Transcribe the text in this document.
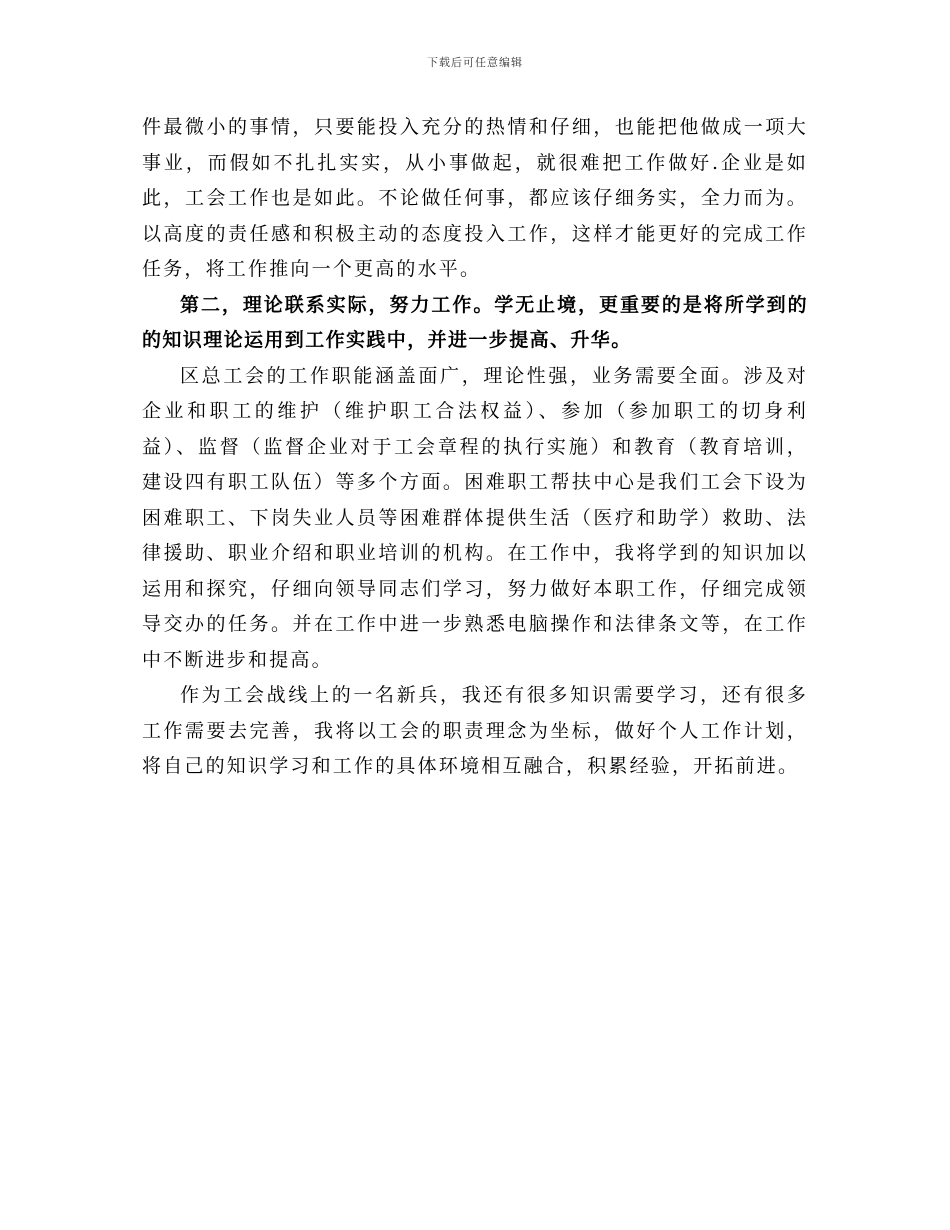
下载后可任意编辑

件最微小的事情，只要能投入充分的热情和仔细，也能把他做成一项大事业，而假如不扎扎实实，从小事做起，就很难把工作做好.企业是如此，工会工作也是如此。不论做任何事，都应该仔细务实，全力而为。以高度的责任感和积极主动的态度投入工作，这样才能更好的完成工作任务，将工作推向一个更高的水平。

第二，理论联系实际，努力工作。学无止境，更重要的是将所学到的的知识理论运用到工作实践中，并进一步提高、升华。

区总工会的工作职能涵盖面广，理论性强，业务需要全面。涉及对企业和职工的维护（维护职工合法权益）、参加（参加职工的切身利益）、监督（监督企业对于工会章程的执行实施）和教育（教育培训，建设四有职工队伍）等多个方面。困难职工帮扶中心是我们工会下设为困难职工、下岗失业人员等困难群体提供生活（医疗和助学）救助、法律援助、职业介绍和职业培训的机构。在工作中，我将学到的知识加以运用和探究，仔细向领导同志们学习，努力做好本职工作，仔细完成领导交办的任务。并在工作中进一步熟悉电脑操作和法律条文等，在工作中不断进步和提高。

作为工会战线上的一名新兵，我还有很多知识需要学习，还有很多工作需要去完善，我将以工会的职责理念为坐标，做好个人工作计划，将自己的知识学习和工作的具体环境相互融合，积累经验，开拓前进。
